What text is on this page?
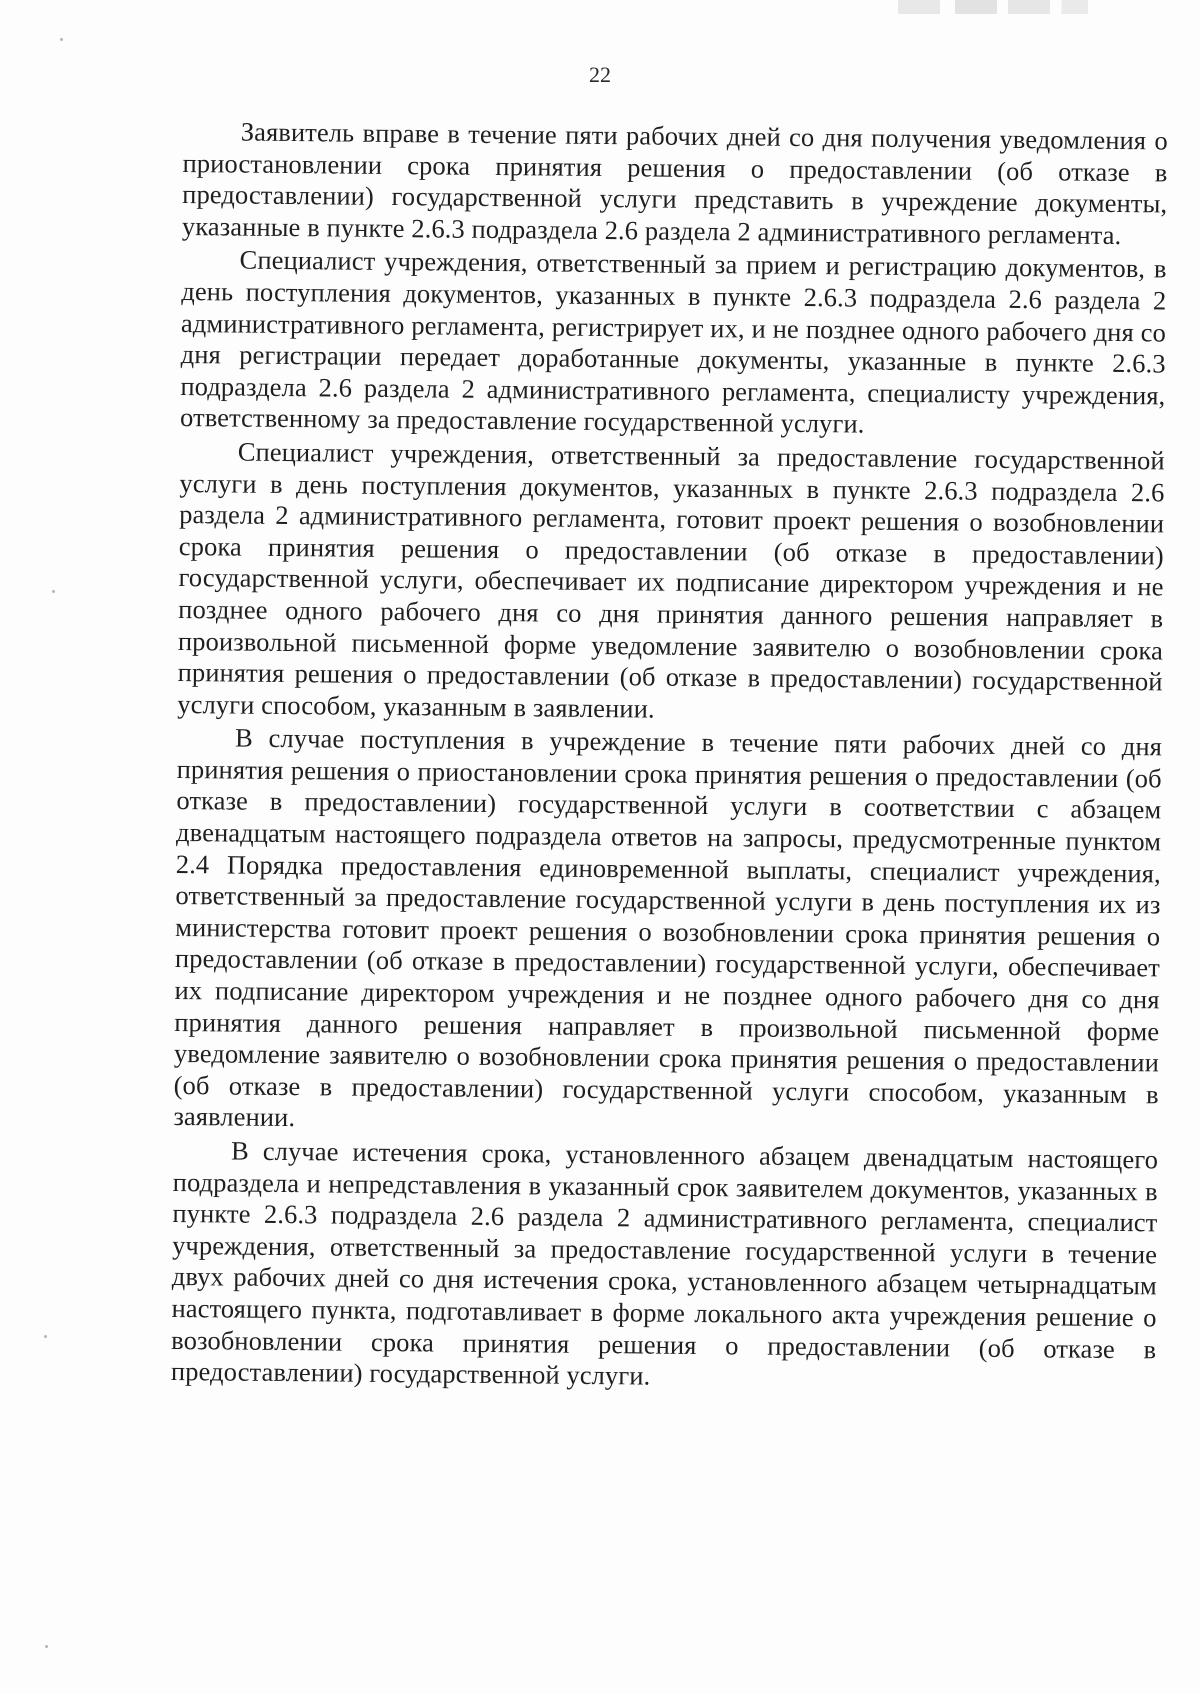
22

Заявитель вправе в течение пяти рабочих дней со дня получения уведомления о приостановлении срока принятия решения о предоставлении (об отказе в предоставлении) государственной услуги представить в учреждение документы, указанные в пункте 2.6.3 подраздела 2.6 раздела 2 административного регламента.

Специалист учреждения, ответственный за прием и регистрацию документов, в день поступления документов, указанных в пункте 2.6.3 подраздела 2.6 раздела 2 административного регламента, регистрирует их, и не позднее одного рабочего дня со дня регистрации передает доработанные документы, указанные в пункте 2.6.3 подраздела 2.6 раздела 2 административного регламента, специалисту учреждения, ответственному за предоставление государственной услуги.

Специалист учреждения, ответственный за предоставление государственной услуги в день поступления документов, указанных в пункте 2.6.3 подраздела 2.6 раздела 2 административного регламента, готовит проект решения о возобновлении срока принятия решения о предоставлении (об отказе в предоставлении) государственной услуги, обеспечивает их подписание директором учреждения и не позднее одного рабочего дня со дня принятия данного решения направляет в произвольной письменной форме уведомление заявителю о возобновлении срока принятия решения о предоставлении (об отказе в предоставлении) государственной услуги способом, указанным в заявлении.

В случае поступления в учреждение в течение пяти рабочих дней со дня принятия решения о приостановлении срока принятия решения о предоставлении (об отказе в предоставлении) государственной услуги в соответствии с абзацем двенадцатым настоящего подраздела ответов на запросы, предусмотренные пунктом 2.4 Порядка предоставления единовременной выплаты, специалист учреждения, ответственный за предоставление государственной услуги в день поступления их из министерства готовит проект решения о возобновлении срока принятия решения о предоставлении (об отказе в предоставлении) государственной услуги, обеспечивает их подписание директором учреждения и не позднее одного рабочего дня со дня принятия данного решения направляет в произвольной письменной форме уведомление заявителю о возобновлении срока принятия решения о предоставлении (об отказе в предоставлении) государственной услуги способом, указанным в заявлении.

В случае истечения срока, установленного абзацем двенадцатым настоящего подраздела и непредставления в указанный срок заявителем документов, указанных в пункте 2.6.3 подраздела 2.6 раздела 2 административного регламента, специалист учреждения, ответственный за предоставление государственной услуги в течение двух рабочих дней со дня истечения срока, установленного абзацем четырнадцатым настоящего пункта, подготавливает в форме локального акта учреждения решение о возобновлении срока принятия решения о предоставлении (об отказе в предоставлении) государственной услуги.
